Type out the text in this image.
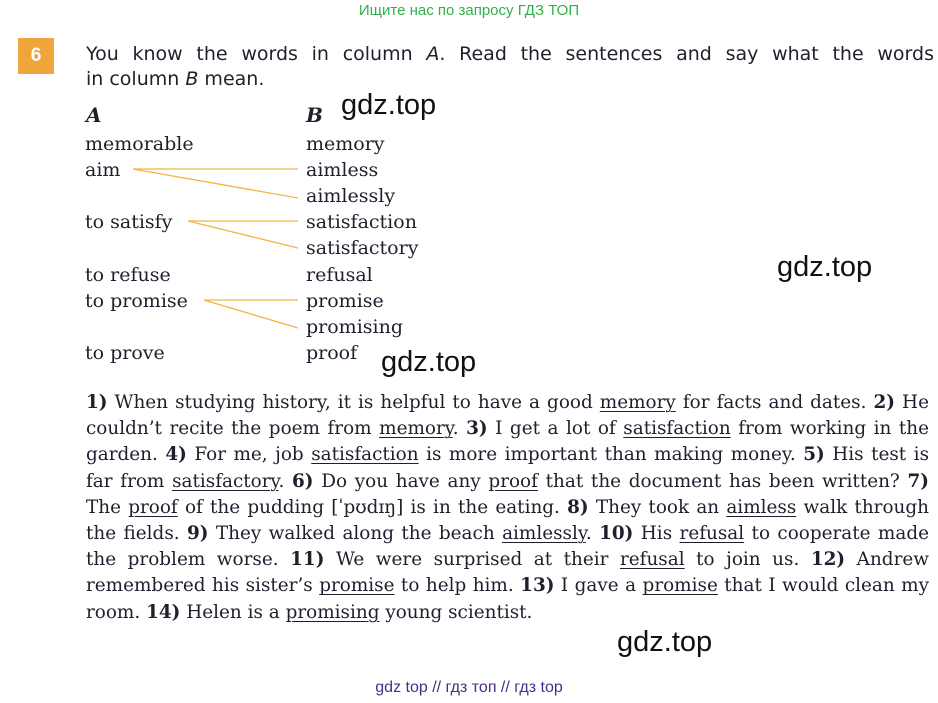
Ищите нас по запросу ГДЗ ТОП
6	You know the words in column A. Read the sentences and say what the words
in column B mean.
A	B
memorable
aim
to satisfy
to refuse
to promise
to prove
memory
aimless
aimlessly
satisfaction
satisfactory
refusal
promise
promising
proof
gdz.top
gdz.top
gdz.top
1) When studying history, it is helpful to have a good memory for facts and dates. 2) He couldn’t recite the poem from memory. 3) I get a lot of satisfaction from working in the garden. 4) For me, job satisfaction is more important than making money. 5) His test is far from satisfactory. 6) Do you have any proof that the document has been written? 7) The proof of the pudding [ˈpʊdɪŋ] is in the eating. 8) They took an aimless walk through the fields. 9) They walked along the beach aimlessly. 10) His refusal to cooperate made the problem worse. 11) We were surprised at their refusal to join us. 12) Andrew remembered his sister’s promise to help him. 13) I gave a promise that I would clean my room. 14) Helen is a promising young scientist.
gdz.top
gdz top // гдз топ // гдз top
